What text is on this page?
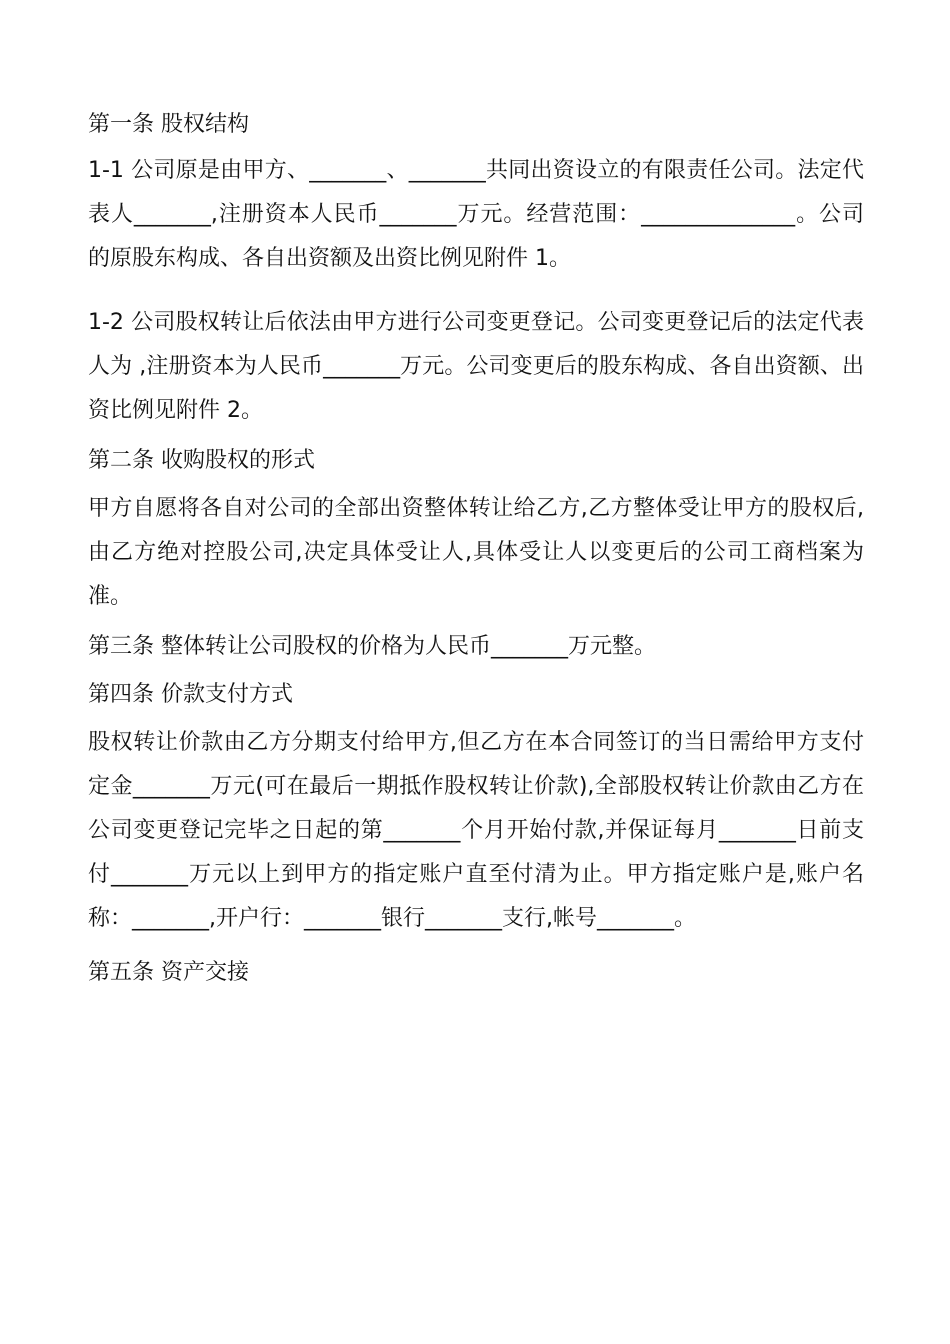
第一条 股权结构

1-1 公司原是由甲方、_______、_______共同出资设立的有限责任公司。法定代表人_______,注册资本人民币_______万元。经营范围：______________。公司的原股东构成、各自出资额及出资比例见附件 1。

1-2 公司股权转让后依法由甲方进行公司变更登记。公司变更登记后的法定代表人为 ,注册资本为人民币_______万元。公司变更后的股东构成、各自出资额、出资比例见附件 2。

第二条 收购股权的形式

甲方自愿将各自对公司的全部出资整体转让给乙方,乙方整体受让甲方的股权后,由乙方绝对控股公司,决定具体受让人,具体受让人以变更后的公司工商档案为准。

第三条 整体转让公司股权的价格为人民币_______万元整。

第四条 价款支付方式

股权转让价款由乙方分期支付给甲方,但乙方在本合同签订的当日需给甲方支付定金_______万元(可在最后一期抵作股权转让价款),全部股权转让价款由乙方在公司变更登记完毕之日起的第_______个月开始付款,并保证每月_______日前支付_______万元以上到甲方的指定账户直至付清为止。甲方指定账户是,账户名称：_______,开户行：_______银行_______支行,帐号_______。

第五条 资产交接
